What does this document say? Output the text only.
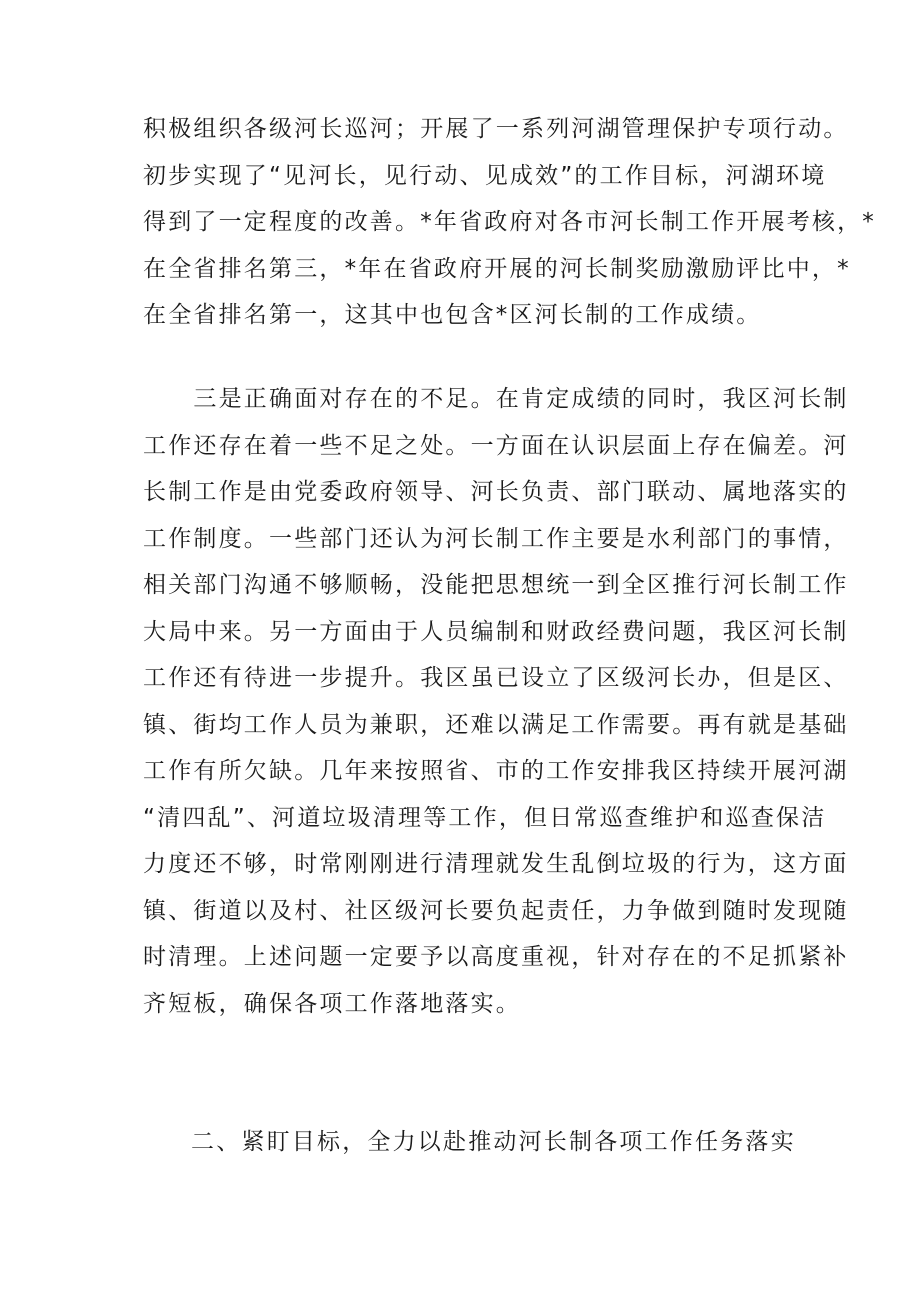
积极组织各级河长巡河；开展了一系列河湖管理保护专项行动。
初步实现了“见河长，见行动、见成效”的工作目标，河湖环境
得到了一定程度的改善。*年省政府对各市河长制工作开展考核，*
在全省排名第三，*年在省政府开展的河长制奖励激励评比中，*
在全省排名第一，这其中也包含*区河长制的工作成绩。
　　三是正确面对存在的不足。在肯定成绩的同时，我区河长制
工作还存在着一些不足之处。一方面在认识层面上存在偏差。河
长制工作是由党委政府领导、河长负责、部门联动、属地落实的
工作制度。一些部门还认为河长制工作主要是水利部门的事情，
相关部门沟通不够顺畅，没能把思想统一到全区推行河长制工作
大局中来。另一方面由于人员编制和财政经费问题，我区河长制
工作还有待进一步提升。我区虽已设立了区级河长办，但是区、
镇、街均工作人员为兼职，还难以满足工作需要。再有就是基础
工作有所欠缺。几年来按照省、市的工作安排我区持续开展河湖
“清四乱”、河道垃圾清理等工作，但日常巡查维护和巡查保洁
力度还不够，时常刚刚进行清理就发生乱倒垃圾的行为，这方面
镇、街道以及村、社区级河长要负起责任，力争做到随时发现随
时清理。上述问题一定要予以高度重视，针对存在的不足抓紧补
齐短板，确保各项工作落地落实。
二、紧盯目标，全力以赴推动河长制各项工作任务落实
